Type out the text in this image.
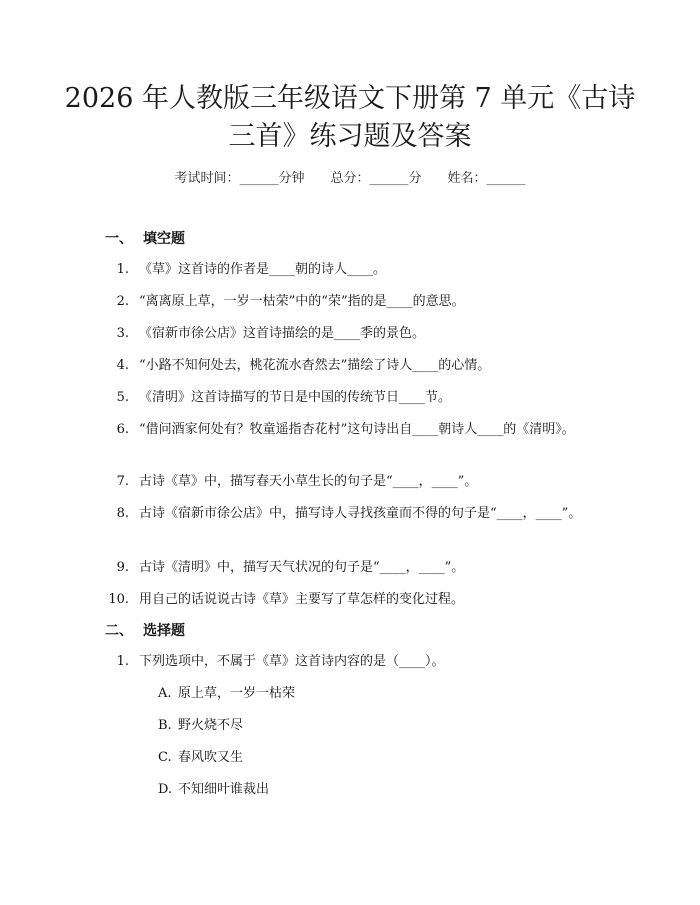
2026 年人教版三年级语文下册第 7 单元《古诗三首》练习题及答案
考试时间：______分钟 总分：______分 姓名：______
一、 填空题
1. 《草》这首诗的作者是____朝的诗人____。
2. “离离原上草，一岁一枯荣”中的“荣”指的是____的意思。
3. 《宿新市徐公店》这首诗描绘的是____季的景色。
4. “小路不知何处去，桃花流水杳然去”描绘了诗人____的心情。
5. 《清明》这首诗描写的节日是中国的传统节日____节。
6. “借问酒家何处有？牧童遥指杏花村”这句诗出自____朝诗人____的《清明》。
7. 古诗《草》中，描写春天小草生长的句子是“____，____”。
8. 古诗《宿新市徐公店》中，描写诗人寻找孩童而不得的句子是“____，____”。
9. 古诗《清明》中，描写天气状况的句子是“____，____”。
10. 用自己的话说说古诗《草》主要写了草怎样的变化过程。
二、 选择题
1. 下列选项中，不属于《草》这首诗内容的是（____）。
A. 原上草，一岁一枯荣
B. 野火烧不尽
C. 春风吹又生
D. 不知细叶谁裁出
